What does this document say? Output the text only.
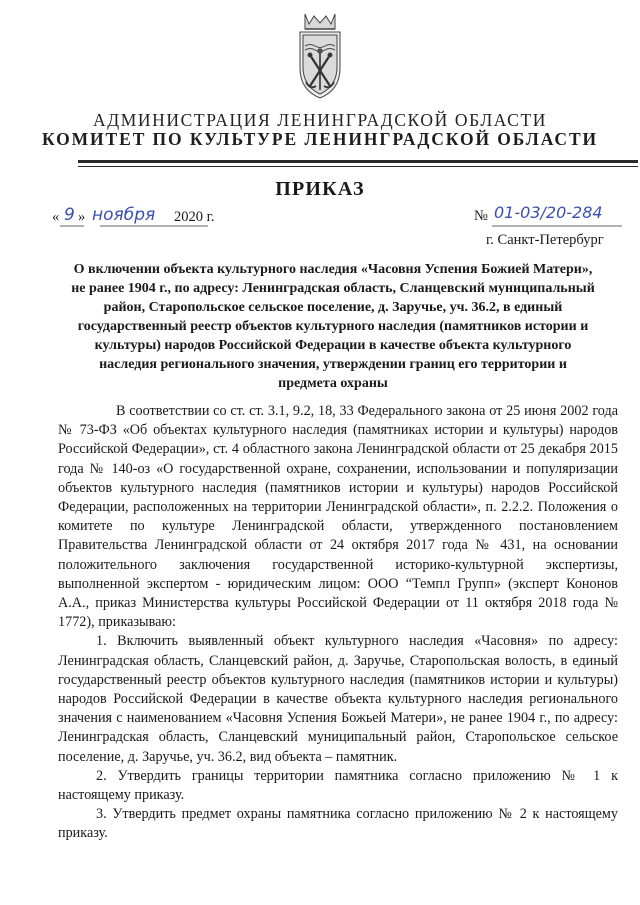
АДМИНИСТРАЦИЯ ЛЕНИНГРАДСКОЙ ОБЛАСТИ
КОМИТЕТ ПО КУЛЬТУРЕ ЛЕНИНГРАДСКОЙ ОБЛАСТИ
ПРИКАЗ
« 9 » ноября 2020 г.	№ 01-03/20-284
г. Санкт-Петербург
О включении объекта культурного наследия «Часовня Успения Божией Матери», не ранее 1904 г., по адресу: Ленинградская область, Сланцевский муниципальный район, Старопольское сельское поселение, д. Заручье, уч. 36.2, в единый государственный реестр объектов культурного наследия (памятников истории и культуры) народов Российской Федерации в качестве объекта культурного наследия регионального значения, утверждении границ его территории и предмета охраны

В соответствии со ст. ст. 3.1, 9.2, 18, 33 Федерального закона от 25 июня 2002 года № 73-ФЗ «Об объектах культурного наследия (памятниках истории и культуры) народов Российской Федерации», ст. 4 областного закона Ленинградской области от 25 декабря 2015 года № 140-оз «О государственной охране, сохранении, использовании и популяризации объектов культурного наследия (памятников истории и культуры) народов Российской Федерации, расположенных на территории Ленинградской области», п. 2.2.2. Положения о комитете по культуре Ленинградской области, утвержденного постановлением Правительства Ленинградской области от 24 октября 2017 года № 431, на основании положительного заключения государственной историко-культурной экспертизы, выполненной экспертом - юридическим лицом: ООО “Темпл Групп» (эксперт Кононов А.А., приказ Министерства культуры Российской Федерации от 11 октября 2018 года № 1772), приказываю:

1. Включить выявленный объект культурного наследия «Часовня» по адресу: Ленинградская область, Сланцевский район, д. Заручье, Старопольская волость, в единый государственный реестр объектов культурного наследия (памятников истории и культуры) народов Российской Федерации в качестве объекта культурного наследия регионального значения с наименованием «Часовня Успения Божьей Матери», не ранее 1904 г., по адресу: Ленинградская область, Сланцевский муниципальный район, Старопольское сельское поселение, д. Заручье, уч. 36.2, вид объекта – памятник.

2. Утвердить границы территории памятника согласно приложению № 1 к настоящему приказу.

3. Утвердить предмет охраны памятника согласно приложению № 2 к настоящему приказу.
